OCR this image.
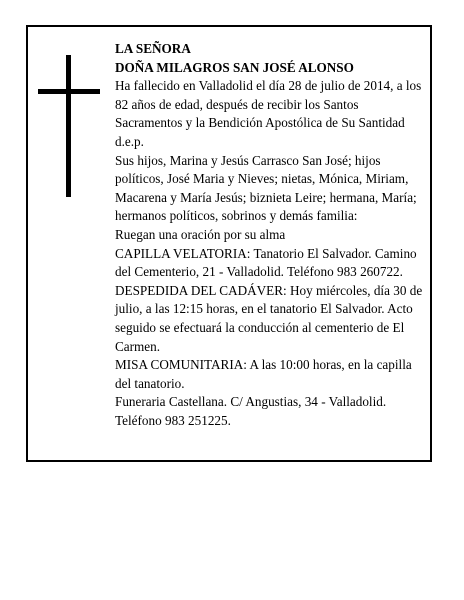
LA SEÑORA

DOÑA MILAGROS SAN JOSÉ ALONSO

Ha fallecido en Valladolid el día 28 de julio de 2014, a los 82 años de edad, después de recibir los Santos Sacramentos y la Bendición Apostólica de Su Santidad d.e.p.

Sus hijos, Marina y Jesús Carrasco San José; hijos políticos, José Maria y Nieves; nietas, Mónica, Miriam, Macarena y María Jesús; biznieta Leire; hermana, María; hermanos políticos, sobrinos y demás familia:

Ruegan una oración por su alma

CAPILLA VELATORIA: Tanatorio El Salvador. Camino del Cementerio, 21 - Valladolid. Teléfono 983 260722.

DESPEDIDA DEL CADÁVER: Hoy miércoles, día 30 de julio, a las 12:15 horas, en el tanatorio El Salvador. Acto seguido se efectuará la conducción al cementerio de El Carmen.

MISA COMUNITARIA: A las 10:00 horas, en la capilla del tanatorio.

Funeraria Castellana. C/ Angustias, 34 - Valladolid. Teléfono 983 251225.
